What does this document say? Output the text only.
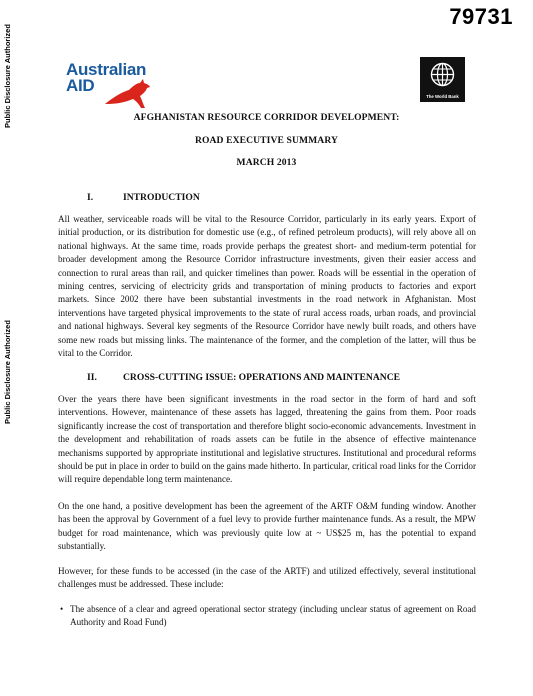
79731
Public Disclosure Authorized
Public Disclosure Authorized
Australian
AID
The World Bank
AFGHANISTAN RESOURCE CORRIDOR DEVELOPMENT:
ROAD EXECUTIVE SUMMARY
MARCH 2013
I.	INTRODUCTION

All weather, serviceable roads will be vital to the Resource Corridor, particularly in its early years. Export of initial production, or its distribution for domestic use (e.g., of refined petroleum products), will rely above all on national highways. At the same time, roads provide perhaps the greatest short- and medium-term potential for broader development among the Resource Corridor infrastructure investments, given their easier access and connection to rural areas than rail, and quicker timelines than power. Roads will be essential in the operation of mining centres, servicing of electricity grids and transportation of mining products to factories and export markets. Since 2002 there have been substantial investments in the road network in Afghanistan. Most interventions have targeted physical improvements to the state of rural access roads, urban roads, and provincial and national highways. Several key segments of the Resource Corridor have newly built roads, and others have some new roads but missing links. The maintenance of the former, and the completion of the latter, will thus be vital to the Corridor.

II.	CROSS-CUTTING ISSUE: OPERATIONS AND MAINTENANCE

Over the years there have been significant investments in the road sector in the form of hard and soft interventions. However, maintenance of these assets has lagged, threatening the gains from them. Poor roads significantly increase the cost of transportation and therefore blight socio-economic advancements. Investment in the development and rehabilitation of roads assets can be futile in the absence of effective maintenance mechanisms supported by appropriate institutional and legislative structures. Institutional and procedural reforms should be put in place in order to build on the gains made hitherto. In particular, critical road links for the Corridor will require dependable long term maintenance.

On the one hand, a positive development has been the agreement of the ARTF O&M funding window. Another has been the approval by Government of a fuel levy to provide further maintenance funds. As a result, the MPW budget for road maintenance, which was previously quite low at ~ US$25 m, has the potential to expand substantially.

However, for these funds to be accessed (in the case of the ARTF) and utilized effectively, several institutional challenges must be addressed. These include:

• The absence of a clear and agreed operational sector strategy (including unclear status of agreement on Road Authority and Road Fund)
